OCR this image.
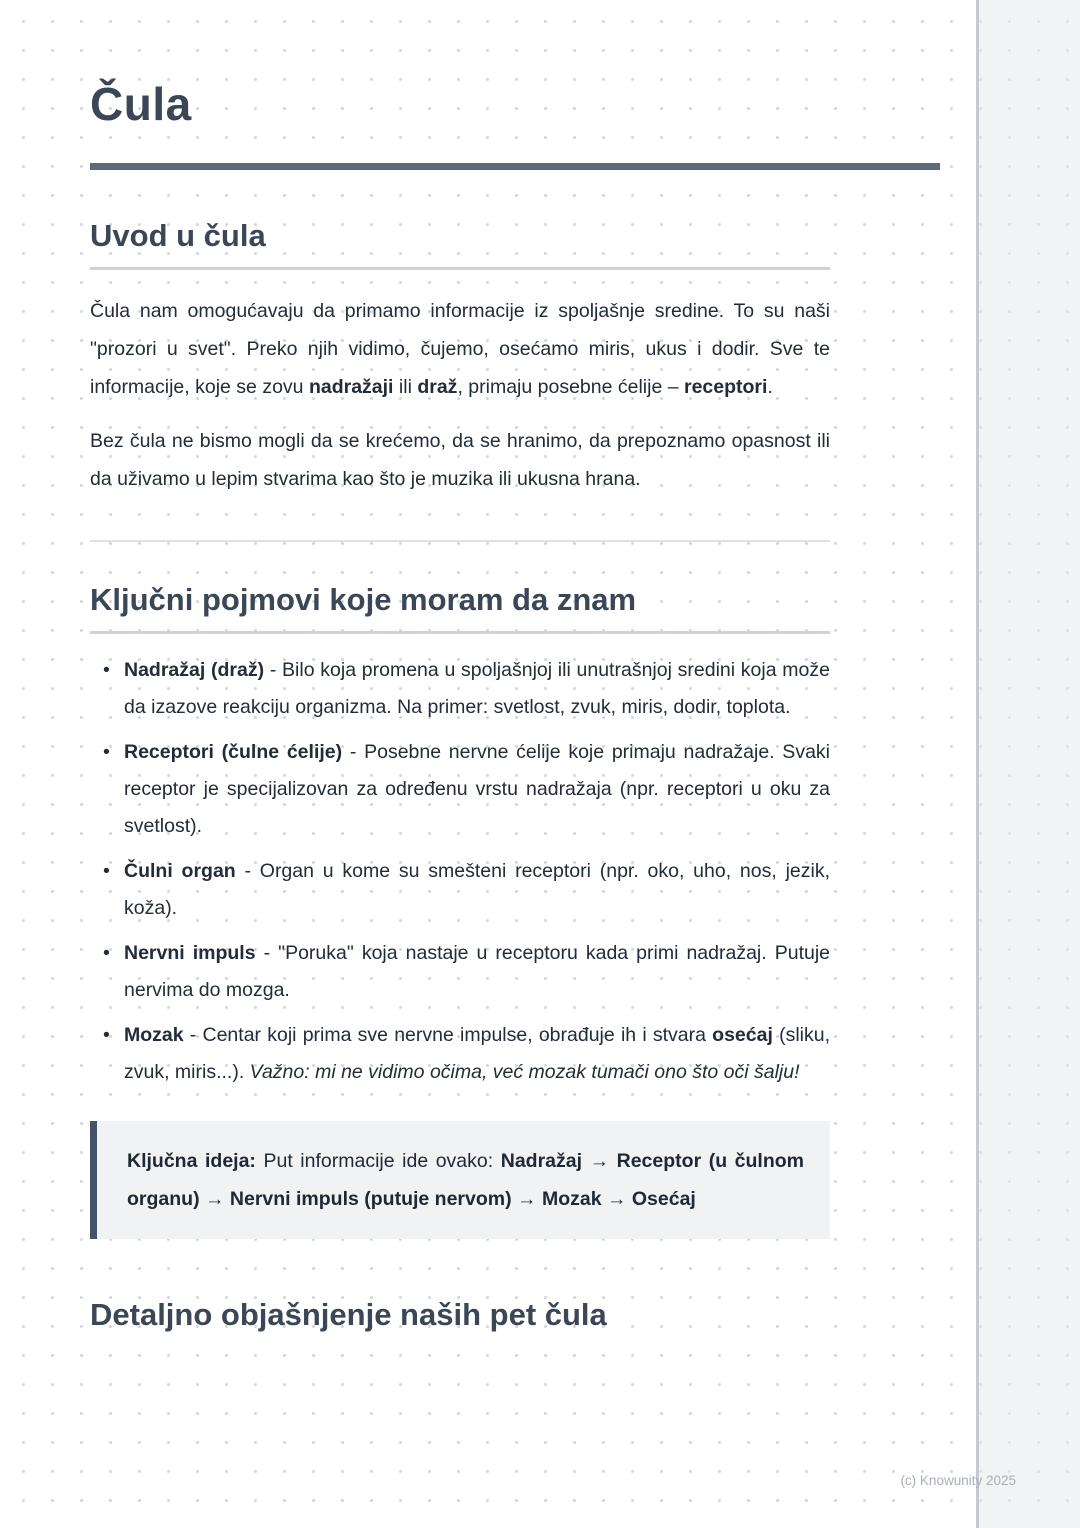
Čula
Uvod u čula

Čula nam omogućavaju da primamo informacije iz spoljašnje sredine. To su naši "prozori u svet". Preko njih vidimo, čujemo, osećamo miris, ukus i dodir. Sve te informacije, koje se zovu nadražaji ili draž, primaju posebne ćelije – receptori.

Bez čula ne bismo mogli da se krećemo, da se hranimo, da prepoznamo opasnost ili da uživamo u lepim stvarima kao što je muzika ili ukusna hrana.

Ključni pojmovi koje moram da znam
• Nadražaj (draž) - Bilo koja promena u spoljašnjoj ili unutrašnjoj sredini koja može da izazove reakciju organizma. Na primer: svetlost, zvuk, miris, dodir, toplota.
• Receptori (čulne ćelije) - Posebne nervne ćelije koje primaju nadražaje. Svaki receptor je specijalizovan za određenu vrstu nadražaja (npr. receptori u oku za svetlost).
• Čulni organ - Organ u kome su smešteni receptori (npr. oko, uho, nos, jezik, koža).
• Nervni impuls - "Poruka" koja nastaje u receptoru kada primi nadražaj. Putuje nervima do mozga.
• Mozak - Centar koji prima sve nervne impulse, obrađuje ih i stvara osećaj (sliku, zvuk, miris...). Važno: mi ne vidimo očima, već mozak tumači ono što oči šalju!

Ključna ideja: Put informacije ide ovako: Nadražaj → Receptor (u čulnom organu) → Nervni impuls (putuje nervom) → Mozak → Osećaj

Detaljno objašnjenje naših pet čula
(c) Knowunity 2025
